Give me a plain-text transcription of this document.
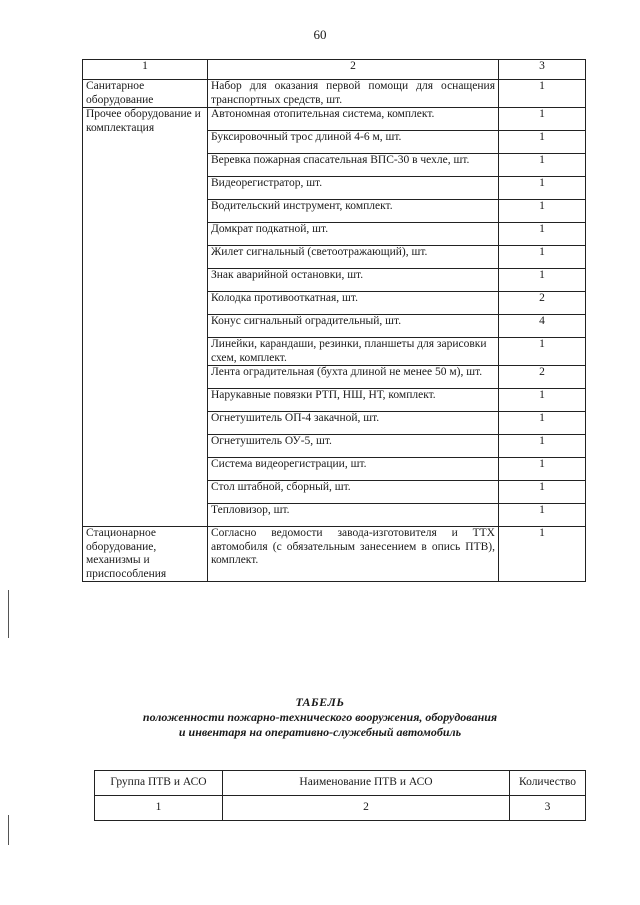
60
1	2	3
Санитарное оборудование	Набор для оказания первой помощи для оснащения транспортных средств, шт.	1
Прочее оборудование и комплектация	Автономная отопительная система, комплект.	1
	Буксировочный трос длиной 4-6 м, шт.	1
	Веревка пожарная спасательная ВПС-30 в чехле, шт.	1
	Видеорегистратор, шт.	1
	Водительский инструмент, комплект.	1
	Домкрат подкатной, шт.	1
	Жилет сигнальный (светоотражающий), шт.	1
	Знак аварийной остановки, шт.	1
	Колодка противооткатная, шт.	2
	Конус сигнальный оградительный, шт.	4
	Линейки, карандаши, резинки, планшеты для зарисовки схем, комплект.	1
	Лента оградительная (бухта длиной не менее 50 м), шт.	2
	Нарукавные повязки РТП, НШ, НТ, комплект.	1
	Огнетушитель ОП-4 закачной, шт.	1
	Огнетушитель ОУ-5, шт.	1
	Система видеорегистрации, шт.	1
	Стол штабной, сборный, шт.	1
	Тепловизор, шт.	1
Стационарное оборудование, механизмы и приспособления	Согласно ведомости завода-изготовителя и ТТХ автомобиля (с обязательным занесением в опись ПТВ), комплект.	1
ТАБЕЛЬ
положенности пожарно-технического вооружения, оборудования
и инвентаря на оперативно-служебный автомобиль
Группа ПТВ и АСО	Наименование ПТВ и АСО	Количество
1	2	3
